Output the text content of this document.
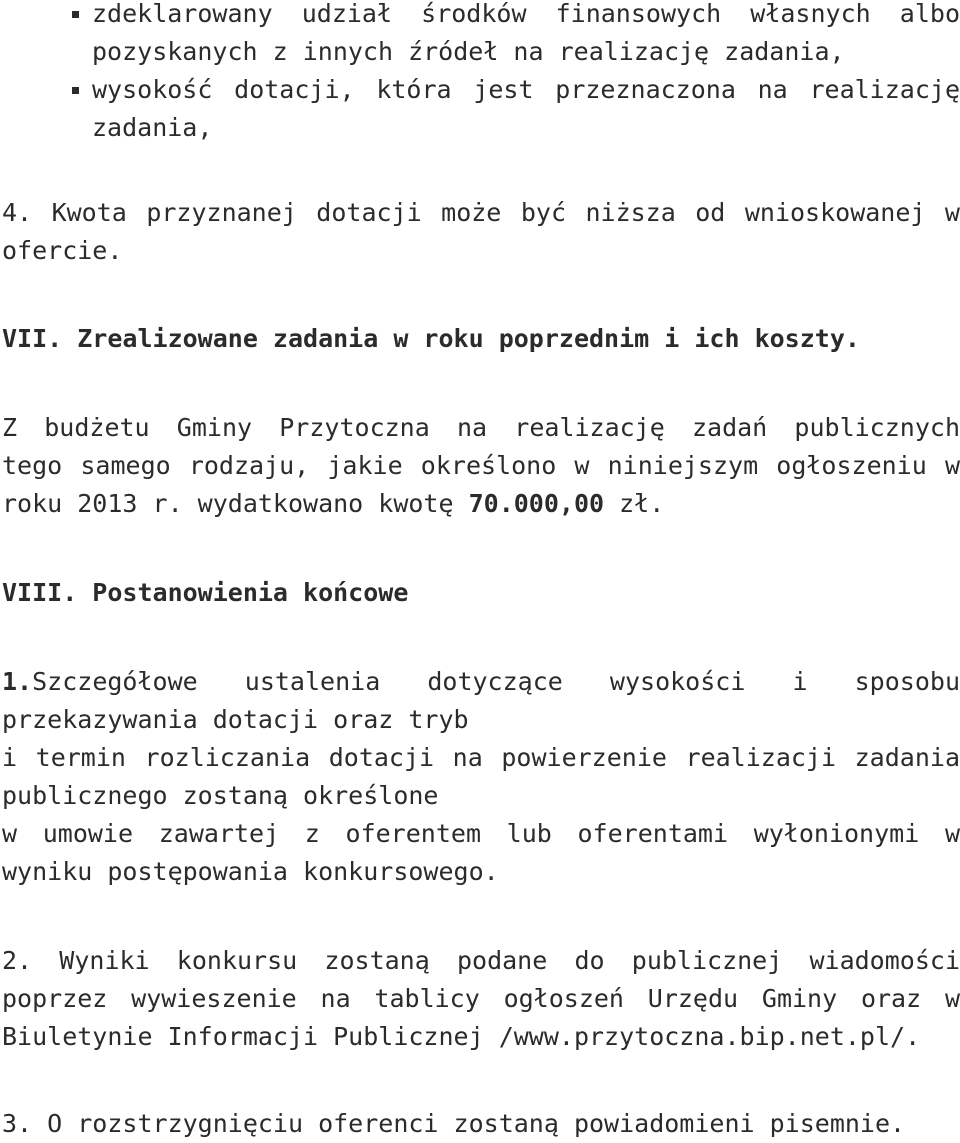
zdeklarowany udział środków finansowych własnych albo
pozyskanych z innych źródeł na realizację zadania,
wysokość dotacji, która jest przeznaczona na realizację
zadania,
4. Kwota przyznanej dotacji może być niższa od wnioskowanej w
ofercie.
VII. Zrealizowane zadania w roku poprzednim i ich koszty.
Z budżetu Gminy Przytoczna na realizację zadań publicznych
tego samego rodzaju, jakie określono w niniejszym ogłoszeniu w
roku 2013 r. wydatkowano kwotę 70.000,00 zł.
VIII. Postanowienia końcowe
1.Szczegółowe ustalenia dotyczące wysokości i sposobu
przekazywania dotacji oraz tryb
i termin rozliczania dotacji na powierzenie realizacji zadania
publicznego zostaną określone
w umowie zawartej z oferentem lub oferentami wyłonionymi w
wyniku postępowania konkursowego.
2. Wyniki konkursu zostaną podane do publicznej wiadomości
poprzez wywieszenie na tablicy ogłoszeń Urzędu Gminy oraz w
Biuletynie Informacji Publicznej /www.przytoczna.bip.net.pl/.
3. O rozstrzygnięciu oferenci zostaną powiadomieni pisemnie.
